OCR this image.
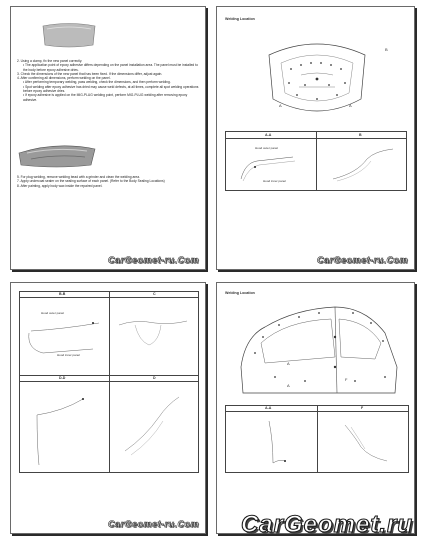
2. Using a clamp, fix the new panel correctly.
• The application point of epoxy adhesive differs depending on the panel installation area. The panel must be installed to the body before epoxy adhesive dries.
3. Check the dimensions of the new panel that has been fixed. If the dimensions differ, adjust again.
4. After confirming all dimensions, perform welding on the panel.
• After performing temporary welding, pass welding, check the dimensions, and then perform welding.
• Spot welding after epoxy adhesive has dried may cause weld defects, at all times, complete all spot welding operations before epoxy adhesive dries.
• If epoxy adhesive is applied on the MIG-PLUG welding point, perform MIG-PLUG welding after removing epoxy adhesive.
5. For plug welding, remove welding bead with a grinder and clean the welding area.
7. Apply undercoat sealer on the sealing surface of each panel. (Refer to the Body Sealing Locations)
8. After painting, apply body wax inside the repaired panel.
CarGeomet-ru.Com
Welding Location
A	A
B
A-A	B
Hood outer panel
Hood inner panel
CarGeomet-ru.Com
B-B	C
D-D	D
Hood outer panel
Hood inner panel
CarGeomet-ru.Com
Welding Location
A
A
F
A-A	F
CarGeomet.ru
